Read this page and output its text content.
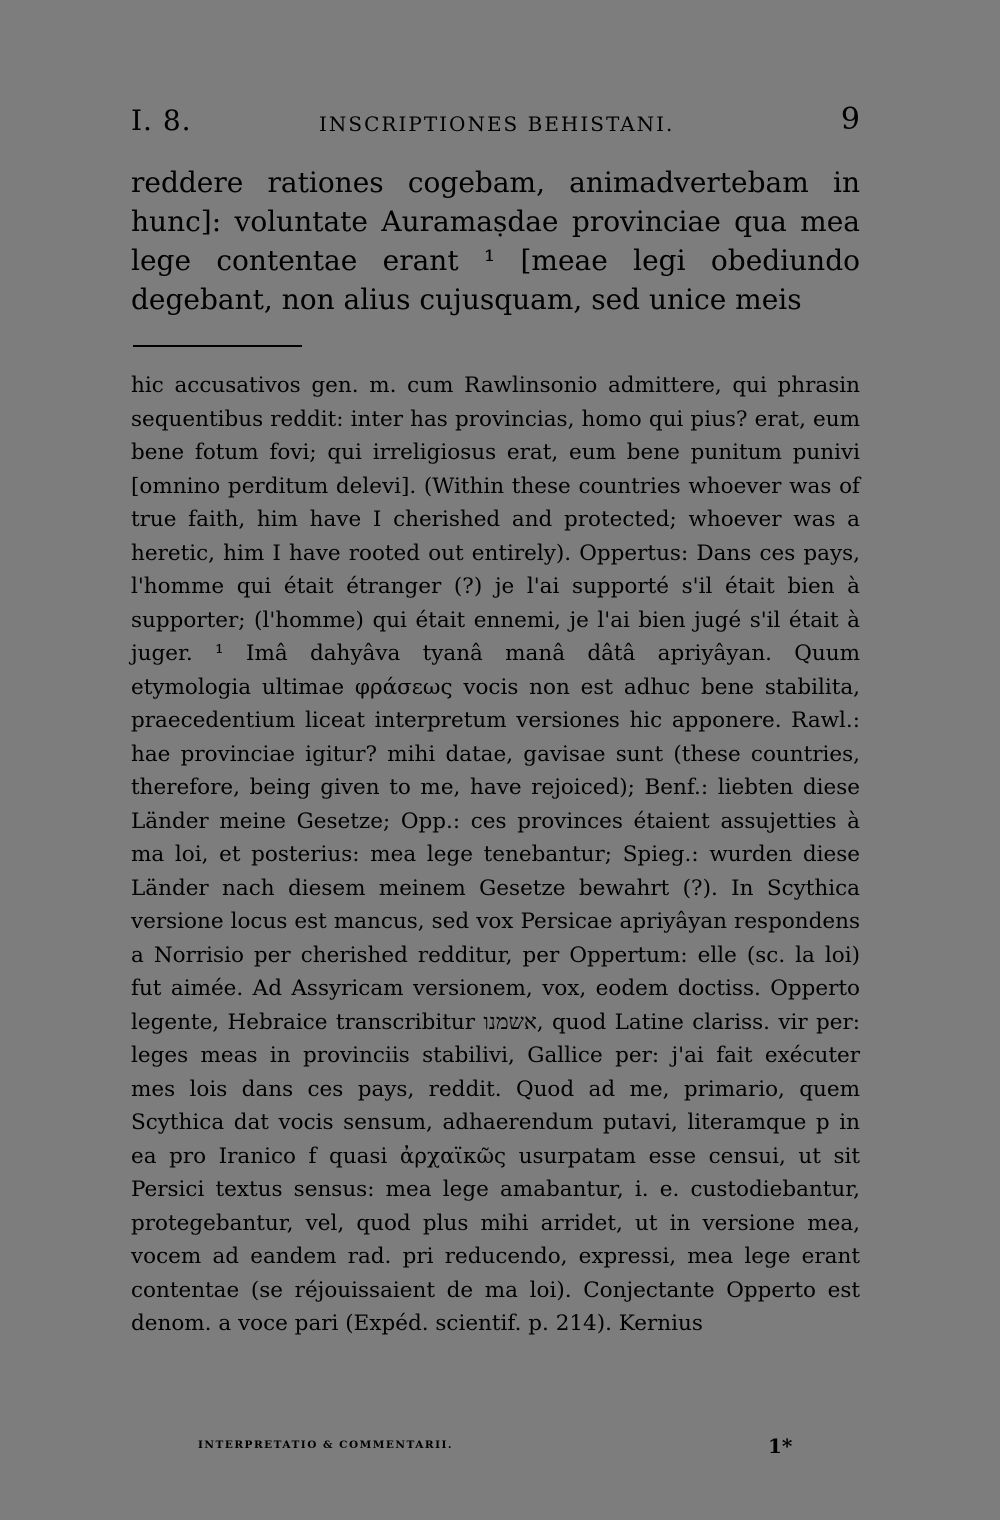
I. 8.	INSCRIPTIONES BEHISTANI.	9

reddere rationes cogebam, animadvertebam in hunc]: voluntate Auramaṣdae provinciae qua mea lege contentae erant ¹ [meae legi obediundo degebant, non alius cujusquam, sed unice meis

hic accusativos gen. m. cum Rawlinsonio admittere, qui phrasin sequentibus reddit: inter has provincias, homo qui pius? erat, eum bene fotum fovi; qui irreligiosus erat, eum bene punitum punivi [omnino perditum delevi]. (Within these countries whoever was of true faith, him have I cherished and protected; whoever was a heretic, him I have rooted out entirely). Oppertus: Dans ces pays, l'homme qui était étranger (?) je l'ai supporté s'il était bien à supporter; (l'homme) qui était ennemi, je l'ai bien jugé s'il était à juger. ¹ Imâ dahyâva tyanâ manâ dâtâ apriyâyan. Quum etymologia ultimae φράσεως vocis non est adhuc bene stabilita, praecedentium liceat interpretum versiones hic apponere. Rawl.: hae provinciae igitur? mihi datae, gavisae sunt (these countries, therefore, being given to me, have rejoiced); Benf.: liebten diese Länder meine Gesetze; Opp.: ces provinces étaient assujetties à ma loi, et posterius: mea lege tenebantur; Spieg.: wurden diese Länder nach diesem meinem Gesetze bewahrt (?). In Scythica versione locus est mancus, sed vox Persicae apriyâyan respondens a Norrisio per cherished redditur, per Oppertum: elle (sc. la loi) fut aimée. Ad Assyricam versionem, vox, eodem doctiss. Opperto legente, Hebraice transcribitur אשמנו, quod Latine clariss. vir per: leges meas in provinciis stabilivi, Gallice per: j'ai fait exécuter mes lois dans ces pays, reddit. Quod ad me, primario, quem Scythica dat vocis sensum, adhaerendum putavi, literamque p in ea pro Iranico f quasi ἀρχαϊκῶς usurpatam esse censui, ut sit Persici textus sensus: mea lege amabantur, i. e. custodiebantur, protegebantur, vel, quod plus mihi arridet, ut in versione mea, vocem ad eandem rad. pri reducendo, expressi, mea lege erant contentae (se réjouissaient de ma loi). Conjectante Opperto est denom. a voce pari (Expéd. scientif. p. 214). Kernius

INTERPRETATIO & COMMENTARII.	1*
